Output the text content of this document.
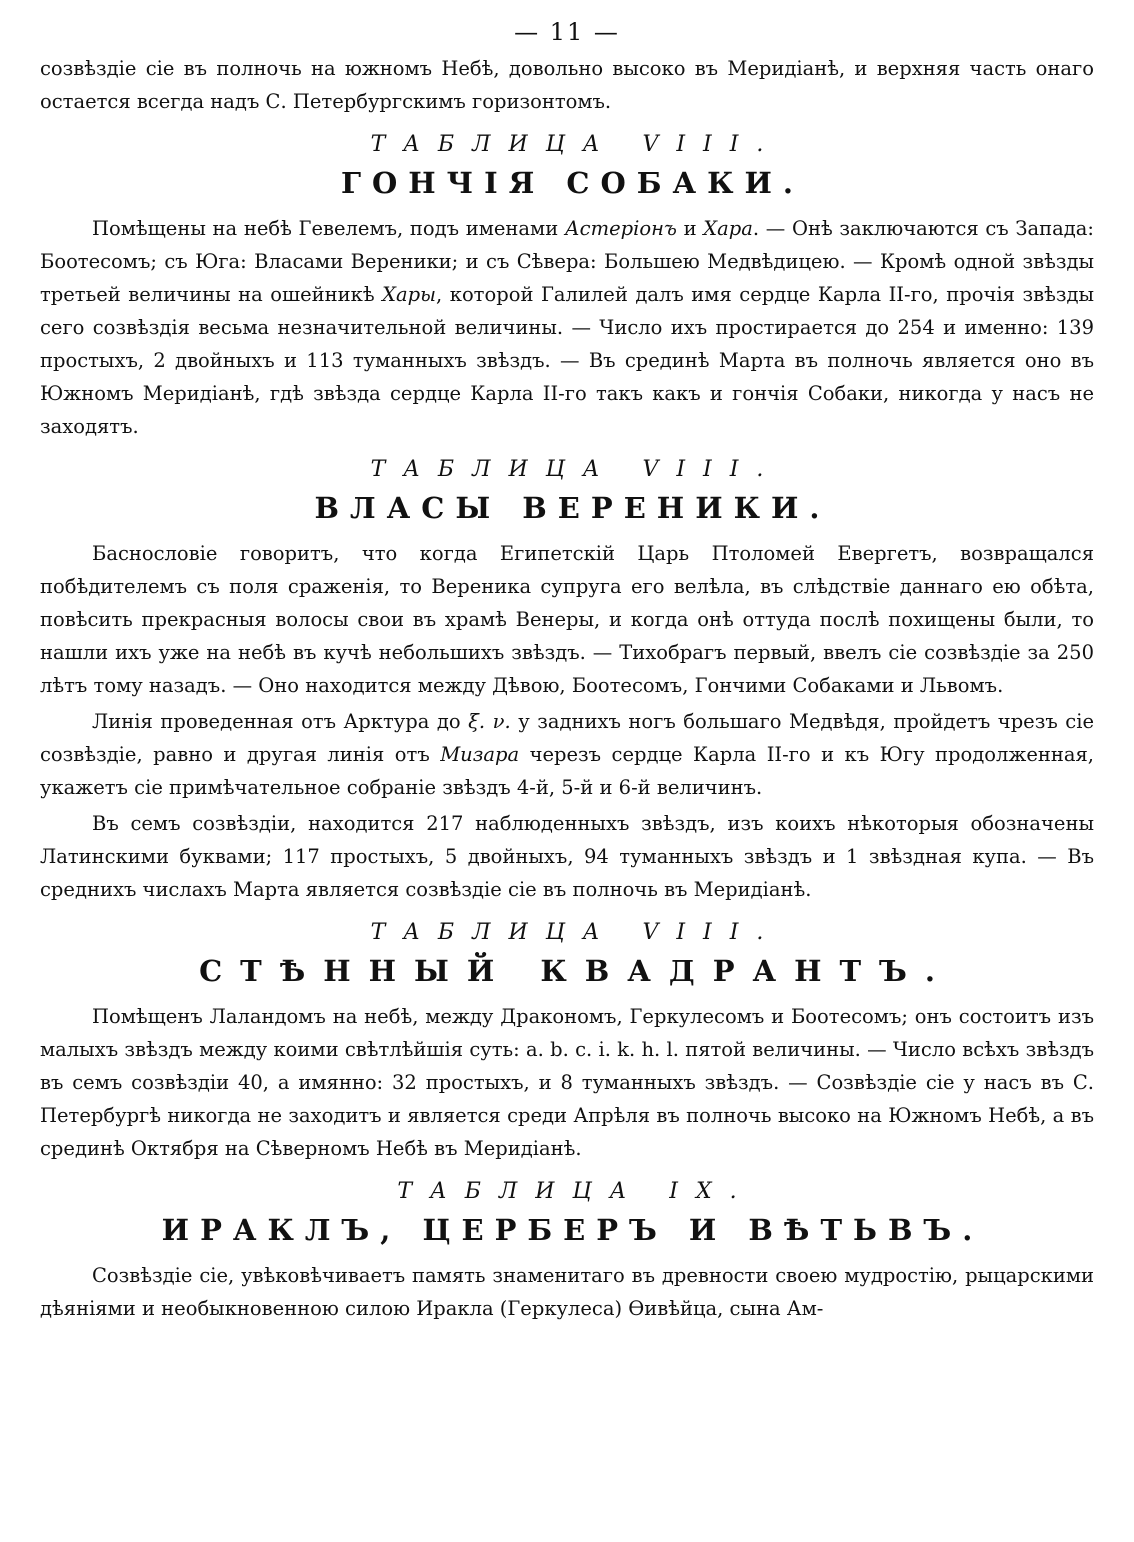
— 11 —

созвѣздіе сіе въ полночь на южномъ Небѣ, довольно высоко въ Меридіанѣ, и верхняя часть онаго остается всегда надъ С. Петербургскимъ горизонтомъ.

ТАБЛИЦА VIII.
ГОНЧІЯ СОБАКИ.

Помѣщены на небѣ Гевелемъ, подъ именами Астеріонъ и Хара. — Онѣ заключаются съ Запада: Боотесомъ; съ Юга: Власами Вереники; и съ Сѣвера: Большею Медвѣдицею. — Кромѣ одной звѣзды третьей величины на ошейникѣ Хары, которой Галилей далъ имя сердце Карла II-го, прочія звѣзды сего созвѣздія весьма незначительной величины. — Число ихъ простирается до 254 и именно: 139 простыхъ, 2 двойныхъ и 113 туманныхъ звѣздъ. — Въ срединѣ Марта въ полночь является оно въ Южномъ Меридіанѣ, гдѣ звѣзда сердце Карла II-го такъ какъ и гончія Собаки, никогда у насъ не заходятъ.

ТАБЛИЦА VIII.
ВЛАСЫ ВЕРЕНИКИ.

Баснословіе говоритъ, что когда Египетскій Царь Птоломей Евергетъ, возвращался побѣдителемъ съ поля сраженія, то Вереника супруга его велѣла, въ слѣдствіе даннаго ею обѣта, повѣсить прекрасныя волосы свои въ храмѣ Венеры, и когда онѣ оттуда послѣ похищены были, то нашли ихъ уже на небѣ въ кучѣ небольшихъ звѣздъ. — Тихобрагъ первый, ввелъ сіе созвѣздіе за 250 лѣтъ тому назадъ. — Оно находится между Дѣвою, Боотесомъ, Гончими Собаками и Львомъ.

Линія проведенная отъ Арктура до ξ. ν. у заднихъ ногъ большаго Медвѣдя, пройдетъ чрезъ сіе созвѣздіе, равно и другая линія отъ Мизара черезъ сердце Карла II-го и къ Югу продолженная, укажетъ сіе примѣчательное собраніе звѣздъ 4-й, 5-й и 6-й величинъ.

Въ семъ созвѣздіи, находится 217 наблюденныхъ звѣздъ, изъ коихъ нѣкоторыя обозначены Латинскими буквами; 117 простыхъ, 5 двойныхъ, 94 туманныхъ звѣздъ и 1 звѣздная купа. — Въ среднихъ числахъ Марта является созвѣздіе сіе въ полночь въ Меридіанѣ.

ТАБЛИЦА VIII.
СТѢННЫЙ КВАДРАНТЪ.

Помѣщенъ Лаландомъ на небѣ, между Дракономъ, Геркулесомъ и Боотесомъ; онъ состоитъ изъ малыхъ звѣздъ между коими свѣтлѣйшія суть: a. b. c. i. k. h. l. пятой величины. — Число всѣхъ звѣздъ въ семъ созвѣздіи 40, а имянно: 32 простыхъ, и 8 туманныхъ звѣздъ. — Созвѣздіе сіе у насъ въ С. Петербургѣ никогда не заходитъ и является среди Апрѣля въ полночь высоко на Южномъ Небѣ, а въ срединѣ Октября на Сѣверномъ Небѣ въ Меридіанѣ.

ТАБЛИЦА IX.
ИРАКЛЪ, ЦЕРБЕРЪ И ВѢТЬВЪ.

Созвѣздіе сіе, увѣковѣчиваетъ память знаменитаго въ древности своею мудростію, рыцарскими дѣяніями и необыкновенною силою Иракла (Геркулеса) Ѳивѣйца, сына Ам-
